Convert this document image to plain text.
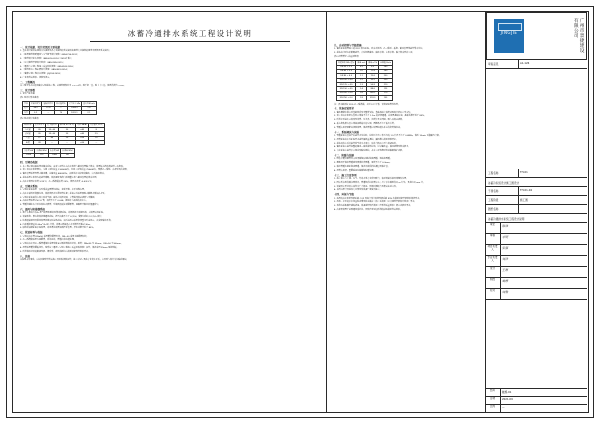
冰蓄冷通排水系统工程设计说明

一、设计依据、设计范围及主要依据

1. 基本设计资料由建设单位提供及各专业提供的有关资料和建筑专业提供的建筑平面图及有关资料；

2. 《民用建筑供暖通风与空气调节设计规范》GB50736-2012；

3. 《建筑设计防火规范》GB50016-2014（2018年版）；

4. 《公共建筑节能设计标准》GB50189-2015；

5. 《通风与空调工程施工质量验收规范》GB50243-2016；

6. 《建筑机电工程抗震设计规范》GB50981-2014；

7. 《蓄能空调工程技术规程》JGJ158-2018；

8. 广东省有关标准、规范及规定。

二、工程概况

本工程为某办公楼冰蓄冷空调系统工程，总建筑面积约为 ××××㎡，地下室一层，地上十八层，建筑高度约 ××m。

三、设计参数

1. 室外气象参数

表1 室外计算参数表

季节	干球温度℃	湿球温度℃	相对湿度%	大气压力 hPa	室外风速 m/s
夏季	34.2	27.8	—	1004.3	1.8
冬季	5.2	—	70	1019.1	2.1

表2 室内设计参数表

房间名称	夏季温度℃	夏季湿度%	新风量 m³/(h·人)	噪声 dB(A)	人员密度 ㎡/人
办公室	26	55~60	30	≤45	8
会议室	26	55~60	30	≤45	2.5
大堂	27	60	20	≤50	10
走道	28	—	—	≤50	—
冷负荷 kW	冷指标 W/㎡	热负荷 kW	热指标 W/㎡
2350	110	1480	66

四、空调冷热源

1. 本工程空调冷源采用冰蓄冷系统，由双工况离心式冷水机组与蓄冰装置联合供冷，设置板式换热器进行二次换热。

2. 双工况冷水机组两台，空调工况制冷量 1160kW/台，制冰工况制冷量 790kW/台，配套乙二醇泵、冷却泵及冷却塔。

3. 蓄冰装置采用盘管式蓄冰槽，总蓄冰量 4800RTh，夜间低谷电价时段蓄冰，白天融冰供冷。

4. 系统采用主机优先的运行策略，根据逐时负荷自动调整主机与蓄冰装置的供冷比例。

5. 冷冻水供回水温度 5/13℃，乙二醇溶液浓度 25%，供回水温度 -5.6/3.5℃。

五、空调水系统

1. 空调水系统采用一次泵变流量两管制系统，垂直异程、水平同程布置。

2. 冷冻水循环泵变频控制，根据供回水压差调节转速；系统定压采用落地式膨胀水箱加补水泵。

3. 空调水系统最高点设自动排气阀，最低点设泄水阀，立管底部设过滤器与平衡阀。

4. 冷凝水管采用 PVC-U 管，坡度不小于 0.008，就近排入最近的排水点。

5. 管道穿越防火分区处设防火套管，穿墙及楼板处设钢套管，缝隙用不燃材料填塞密实。

六、通风与防排烟系统

1. 地下车库按六次/h 换气设置机械排风兼排烟系统，排烟风机为双速风机，并设置补风系统。

2. 设备机房、配电房设机械通风系统，换气次数不小于 6 次/h；变配电房按 12 次/h 设计。

3. 防烟楼梯间及其前室设置机械加压送风系统，加压送风口采用常闭型多叶送风口，火灾时联动开启。

4. 内走道排烟量按 60m³/(h·㎡) 计算，排烟口距最远点水平距离不超过 30m。

5. 厨房排油烟系统单独设置，排风罩处设置油烟净化装置，净化效率不低于 85%。

七、管道材料与保温

1. 空调冷冻水管 DN≤50 采用镀锌钢管丝接，DN>50 采用无缝钢管焊接。

2. 乙二醇管路采用无缝钢管，焊接连接，管道内外防腐处理。

3. 空调冷冻水及乙二醇管道保温采用难燃 B1 级橡塑保温材料，厚度：DN≤50 为 32mm，DN>50 为 40mm。

4. 风管采用镀锌钢板制作，厚度按《通风与空调工程施工质量验收规范》执行，保温采用 25mm 厚橡塑板。

5. 所有保温材料的燃烧性能、烟密度、毒性指标均应满足国家现行标准要求。

八、其他

本说明未尽事宜，应按国家现行有关施工及验收规范执行；施工中如与其他专业发生矛盾，应及时与设计单位联系解决。

九、自动控制与节能措施

1. 蓄冰系统设置独立的 DDC 群控系统，对冷水机组、乙二醇泵、板换、蓄冰装置等进行集中监控。

2. 系统按分时电价策略运行，自动切换蓄冰、融冰单供、主机单供、联合供冷四种工况。

表3 水管管径与流量对照表

管道规格 DN×壁厚	流速 m/s	流量 m³/h	比摩阻 Pa/m
DN 50 × 3.5	0.9	6.3	280
DN 65 × 3.5	1.0	11.8	260
DN 80 × 4.0	1.1	19.6	250
DN 100 × 4.0	1.2	33.5	230
DN 125 × 4.5	1.3	56.8	210
DN 150 × 4.5	1.4	88.6	195
DN 200 × 6.0	1.6	180.2	170
DN 250 × 6.0	1.8	318.0	155

注：表中数据按 25% 乙二醇溶液、水温 5℃ 计算，仅供初选管径参考。

十、设备安装要求

1. 蓄冰槽就位前应对基础标高及平整度复核，基础混凝土强度达到设计值后方可安装。

2. 双工况冷水机组安装时应预留不小于 1.2m 的检修通道，并设置减振台座，减振效率不低于 85%。

3. 所有水泵进出口设柔性接管、压力表、温度计及止回阀，吸入端设过滤器。

4. 板式换热器安装应预留拆卸板片的空间，两侧各不小于板片长度。

5. 管道支吊架间距按规范设置，保温管道应设置防腐木托或高密度保温块。

十一、系统调试与试验

1. 管道系统安装完毕后进行水压试验，试验压力为工作压力的 1.5 倍且不小于 0.6MPa，保压 10min 无渗漏为合格。

2. 风管系统按中压系统要求进行漏风量测试，漏风率应满足规范要求。

3. 系统冲洗应反复进行直至排出水清洁，冲洗合格后方可与设备连接。

4. 蓄冰系统应进行完整的蓄冰—融冰循环试验，记录蓄冰量、融冰速率及供冷能力。

5. 自控系统应进行单点调试及联动调试，并在工况切换时验证联锁保护功能。

十二、防腐与油漆

1. 明装非镀锌钢管及支吊架除锈后刷防锈漆两道、调和漆两道。

2. 埋地及不保温管道刷环氧煤沥青两道，厚度不小于 0.3mm。

3. 保温管道先刷防锈漆两道，保温外设铝箔防潮层及保护层。

4. 风管支吊架、型钢底座均做除锈防腐处理。

十三、施工注意事项

1. 施工前应与土建、电气、给排水等专业密切配合，核对预留孔洞及预埋件位置。

2. 图中所注标高除注明者外，管道标高均指管中心；尺寸单位除标高以 m 计外，其余均以 mm 计。

3. 设备及主要材料应具有出厂合格证、性能检测报告及相关认证文件。

4. 本图应配合其他各专业图纸及设备厂家资料施工。

十四、环保与节能

1. 选用的冷水机组性能系数 COP 及综合部分负荷性能系数 IPLV 均满足国家节能标准限值要求。

2. 风机、水泵的单位风量耗功率及耗电输冷（热）比满足《公共建筑节能设计标准》要求。

3. 机房内采取隔声减振措施，设备运行噪声满足《声环境质量标准》相应功能区要求。

4. 冷却塔设置于屋面通风良好处，其噪声对周边环境的影响满足有关标准。

JINGJIE	广州市景捷建设有限公司
审查意见	A1-126
工程名称	TH-01
冰蓄冷系统设计施工图设计
子项名称	TH-01-04
工程阶段	施工图
图纸名称
冰蓄冷通排水系统工程设计说明
审定	陈伟
审核	李明
项目负责人	张强
专业负责人	刘洋
设计	王磊
制图	黄婷
校对	周敏
图号
暖施-01
日期	2021.09
比例	—
